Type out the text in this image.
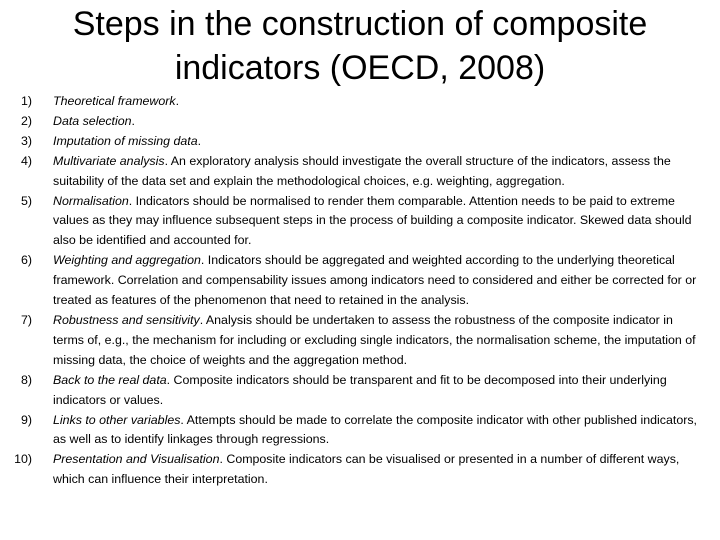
Steps in the construction of composite indicators (OECD, 2008)
1) Theoretical framework.
2) Data selection.
3) Imputation of missing data.
4) Multivariate analysis. An exploratory analysis should investigate the overall structure of the indicators, assess the suitability of the data set and explain the methodological choices, e.g. weighting, aggregation.
5) Normalisation. Indicators should be normalised to render them comparable. Attention needs to be paid to extreme values as they may influence subsequent steps in the process of building a composite indicator. Skewed data should also be identified and accounted for.
6) Weighting and aggregation. Indicators should be aggregated and weighted according to the underlying theoretical framework. Correlation and compensability issues among indicators need to considered and either be corrected for or treated as features of the phenomenon that need to retained in the analysis.
7) Robustness and sensitivity. Analysis should be undertaken to assess the robustness of the composite indicator in terms of, e.g., the mechanism for including or excluding single indicators, the normalisation scheme, the imputation of missing data, the choice of weights and the aggregation method.
8) Back to the real data. Composite indicators should be transparent and fit to be decomposed into their underlying indicators or values.
9) Links to other variables. Attempts should be made to correlate the composite indicator with other published indicators, as well as to identify linkages through regressions.
10) Presentation and Visualisation. Composite indicators can be visualised or presented in a number of different ways, which can influence their interpretation.
